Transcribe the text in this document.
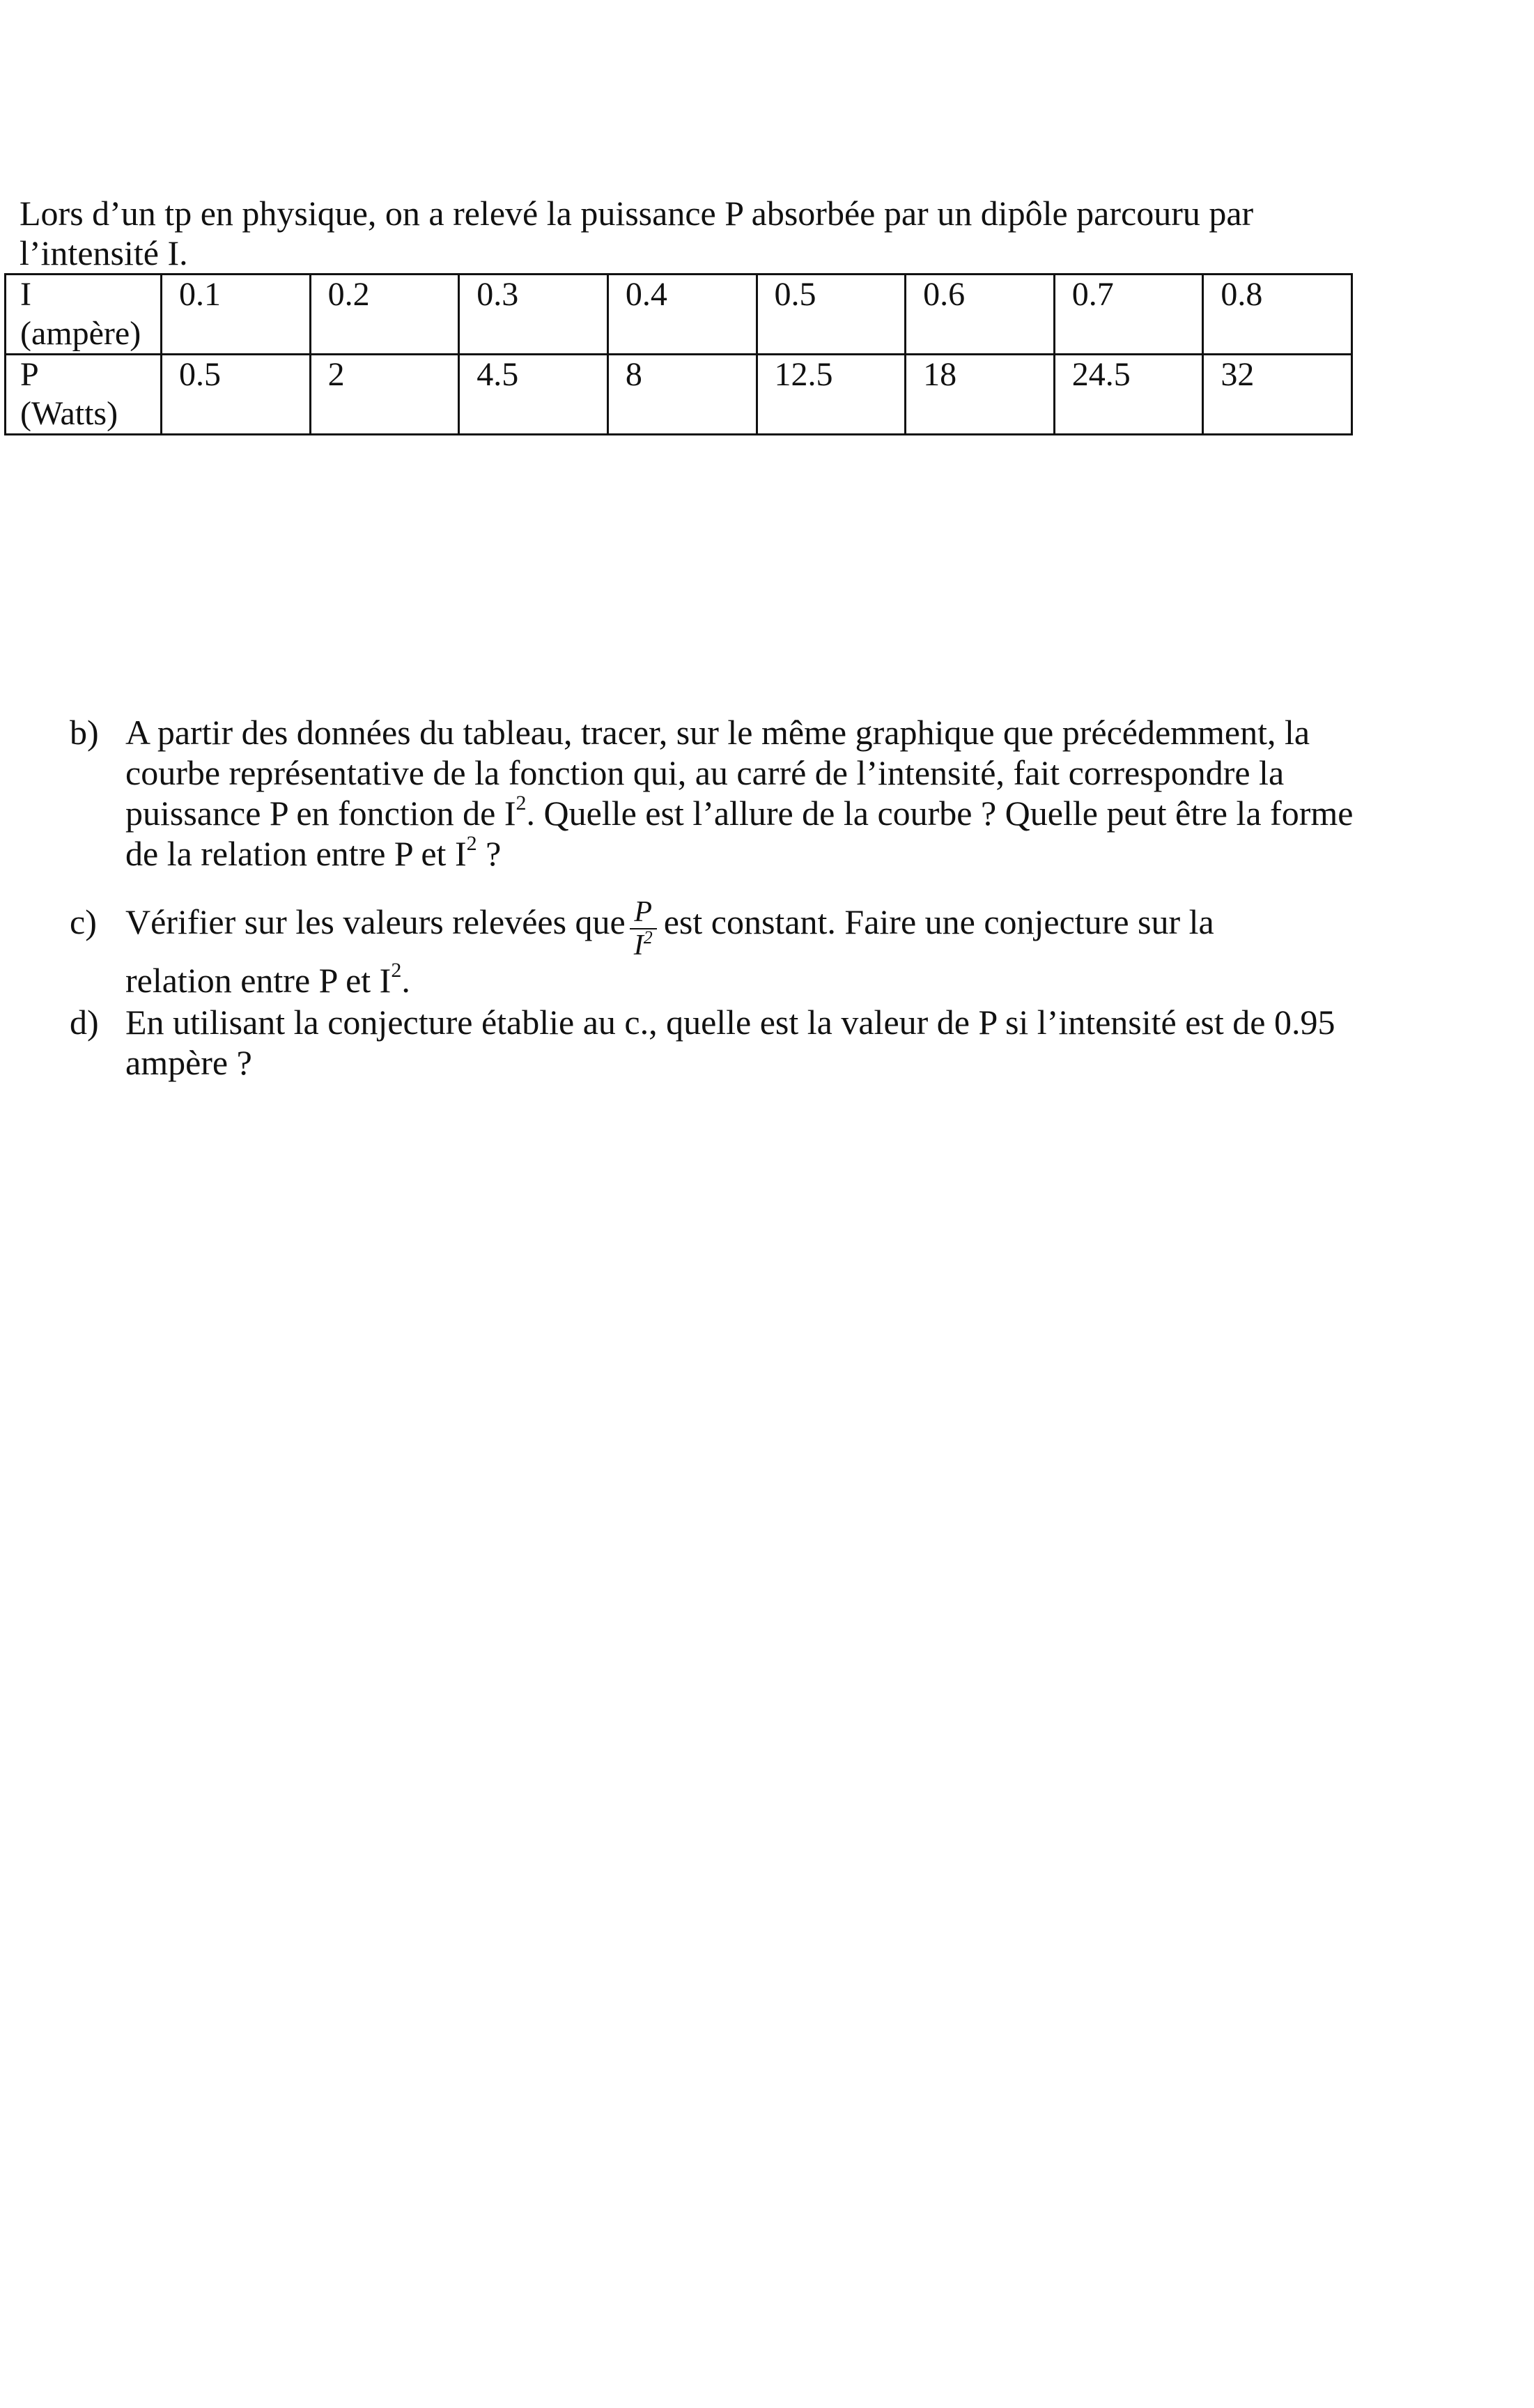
Lors d’un tp en physique, on a relevé la puissance P absorbée par un dipôle parcouru par l’intensité I.

I
(ampère)	0.1	0.2	0.3	0.4	0.5	0.6	0.7	0.8
P
(Watts)	0.5	2	4.5	8	12.5	18	24.5	32
b) A partir des données du tableau, tracer, sur le même graphique que précédemment, la courbe représentative de la fonction qui, au carré de l’intensité, fait correspondre la puissance P en fonction de $I^2$. Quelle est l’allure de la courbe ? Quelle peut être la forme de la relation entre P et $I^2$ ?
c) Vérifier sur les valeurs relevées que $\frac{P}{I^2}$ est constant. Faire une conjecture sur la
relation entre P et $I^2$.
d) En utilisant la conjecture établie au c., quelle est la valeur de P si l’intensité est de 0.95 ampère ?
